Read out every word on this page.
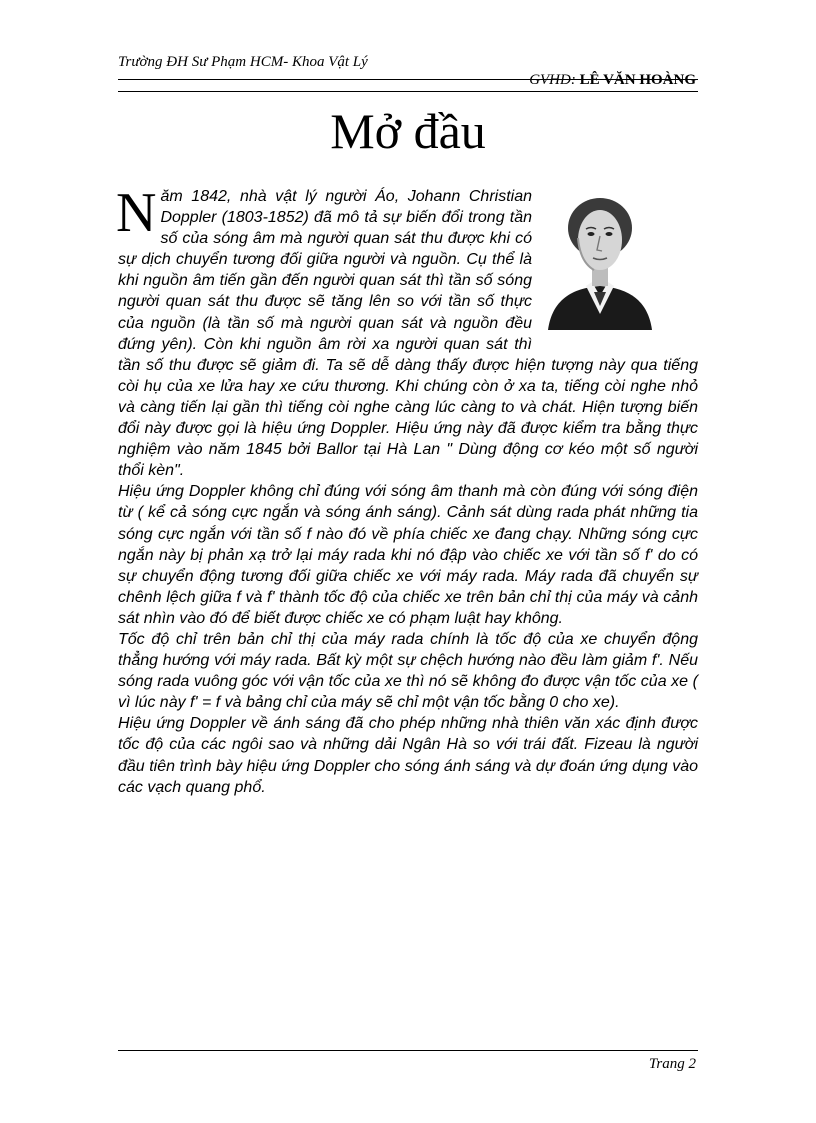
Trường ĐH Sư Phạm HCM- Khoa Vật Lý
GVHD: LÊ VĂN HOÀNG
Mở đầu

Năm 1842, nhà vật lý người Áo, Johann Christian Doppler (1803-1852) đã mô tả sự biến đổi trong tần số của sóng âm mà người quan sát thu được khi có sự dịch chuyển tương đối giữa người và nguồn. Cụ thể là khi nguồn âm tiến gần đến người quan sát thì tần số sóng người quan sát thu được sẽ tăng lên so với tần số thực của nguồn (là tần số mà người quan sát và nguồn đều đứng yên). Còn khi nguồn âm rời xa người quan sát thì tần số thu được sẽ giảm đi. Ta sẽ dễ dàng thấy được hiện tượng này qua tiếng còi hụ của xe lửa hay xe cứu thương. Khi chúng còn ở xa ta, tiếng còi nghe nhỏ và càng tiến lại gần thì tiếng còi nghe càng lúc càng to và chát. Hiện tượng biến đổi này được gọi là hiệu ứng Doppler. Hiệu ứng này đã được kiểm tra bằng thực nghiệm vào năm 1845 bởi Ballor tại Hà Lan " Dùng động cơ kéo một số người thổi kèn".

Hiệu ứng Doppler không chỉ đúng với sóng âm thanh mà còn đúng với sóng điện từ ( kể cả sóng cực ngắn và sóng ánh sáng). Cảnh sát dùng rada phát những tia sóng cực ngắn với tần số f nào đó về phía chiếc xe đang chạy. Những sóng cực ngắn này bị phản xạ trở lại máy rada khi nó đập vào chiếc xe với tần số f' do có sự chuyển động tương đối giữa chiếc xe với máy rada. Máy rada đã chuyển sự chênh lệch giữa f và f' thành tốc độ của chiếc xe trên bản chỉ thị của máy và cảnh sát nhìn vào đó để biết được chiếc xe có phạm luật hay không.

Tốc độ chỉ trên bản chỉ thị của máy rada chính là tốc độ của xe chuyển động thẳng hướng với máy rada. Bất kỳ một sự chệch hướng nào đều làm giảm f'. Nếu sóng rada vuông góc với vận tốc của xe thì nó sẽ không đo được vận tốc của xe ( vì lúc này f' = f và bảng chỉ của máy sẽ chỉ một vận tốc bằng 0 cho xe).

Hiệu ứng Doppler về ánh sáng đã cho phép những nhà thiên văn xác định được tốc độ của các ngôi sao và những dải Ngân Hà so với trái đất. Fizeau là người đầu tiên trình bày hiệu ứng Doppler cho sóng ánh sáng và dự đoán ứng dụng vào các vạch quang phổ.

Trang 2
